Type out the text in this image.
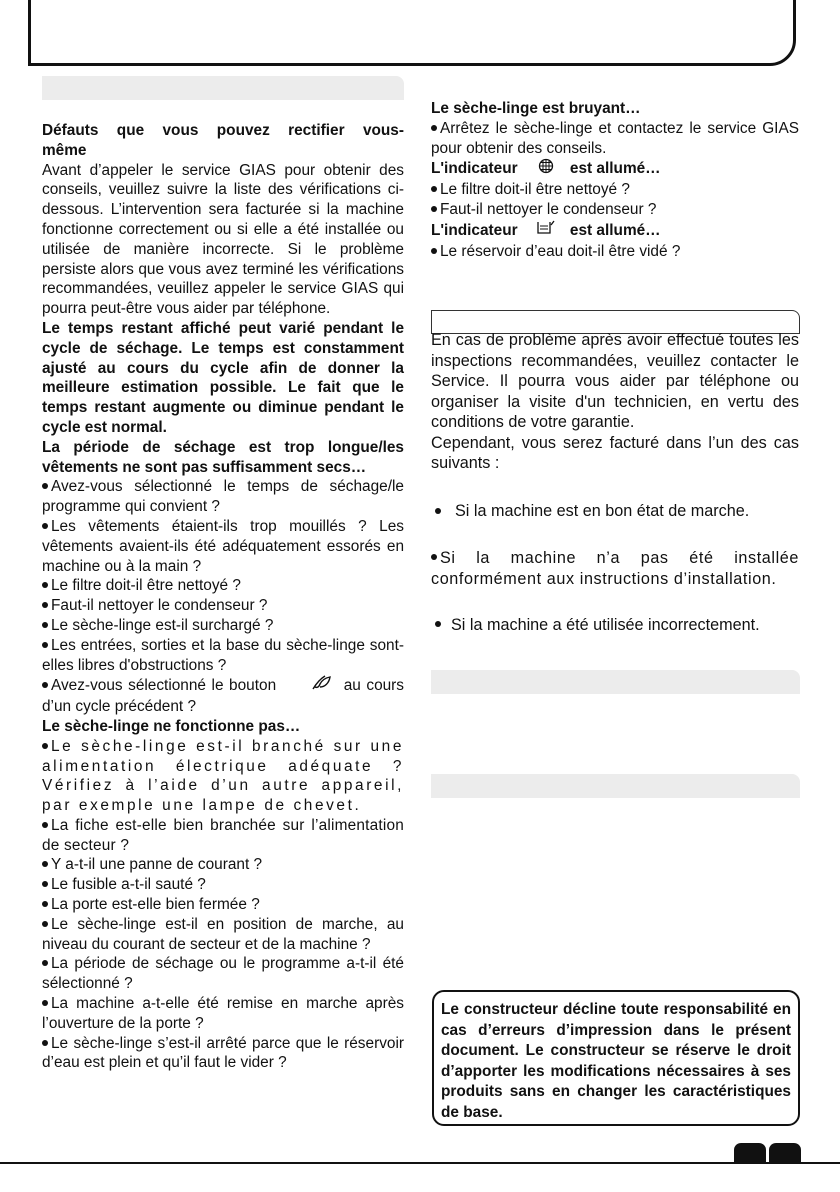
Défauts que vous pouvez rectifier vous-même

Avant d’appeler le service GIAS pour obtenir des conseils, veuillez suivre la liste des vérifications ci-dessous. L’intervention sera facturée si la machine fonctionne correctement ou si elle a été installée ou utilisée de manière incorrecte. Si le problème persiste alors que vous avez terminé les vérifications recommandées, veuillez appeler le service GIAS qui pourra peut-être vous aider par téléphone.

Le temps restant affiché peut varié pendant le cycle de séchage. Le temps est constamment ajusté au cours du cycle afin de donner la meilleure estimation possible. Le fait que le temps restant augmente ou diminue pendant le cycle est normal.

La période de séchage est trop longue/les vêtements ne sont pas suffisamment secs…

Avez-vous sélectionné le temps de séchage/le programme qui convient ?

Les vêtements étaient-ils trop mouillés ? Les vêtements avaient-ils été adéquatement essorés en machine ou à la main ?

Le filtre doit-il être nettoyé ?

Faut-il nettoyer le condenseur ?

Le sèche-linge est-il surchargé ?

Les entrées, sorties et la base du sèche-linge sont-elles libres d'obstructions ?

Avez-vous sélectionné le bouton	au cours d’un cycle précédent ?

Le sèche-linge ne fonctionne pas…

Le sèche-linge est-il branché sur une alimentation électrique adéquate ? Vérifiez à l’aide d’un autre appareil, par exemple une lampe de chevet.

La fiche est-elle bien branchée sur l’alimentation de secteur ?

Y a-t-il une panne de courant ?

Le fusible a-t-il sauté ?

La porte est-elle bien fermée ?

Le sèche-linge est-il en position de marche, au niveau du courant de secteur et de la machine ?

La période de séchage ou le programme a-t-il été sélectionné ?

La machine a-t-elle été remise en marche après l’ouverture de la porte ?

Le sèche-linge s’est-il arrêté parce que le réservoir d’eau est plein et qu’il faut le vider ?

Le sèche-linge est bruyant…

Arrêtez le sèche-linge et contactez le service GIAS pour obtenir des conseils.

L'indicateur	est allumé…

Le filtre doit-il être nettoyé ?

Faut-il nettoyer le condenseur ?

L'indicateur	est allumé…

Le réservoir d’eau doit-il être vidé ?

En cas de problème après avoir effectué toutes les inspections recommandées, veuillez contacter le Service. Il pourra vous aider par téléphone ou organiser la visite d'un technicien, en vertu des conditions de votre garantie.

Cependant, vous serez facturé dans l’un des cas suivants :

Si la machine est en bon état de marche.

Si la machine n’a pas été installée conformément aux instructions d’installation.

Si la machine a été utilisée incorrectement.

Le constructeur décline toute responsabilité en cas d’erreurs d’impression dans le présent document. Le constructeur se réserve le droit d’apporter les modifications nécessaires à ses produits sans en changer les caractéristiques de base.
